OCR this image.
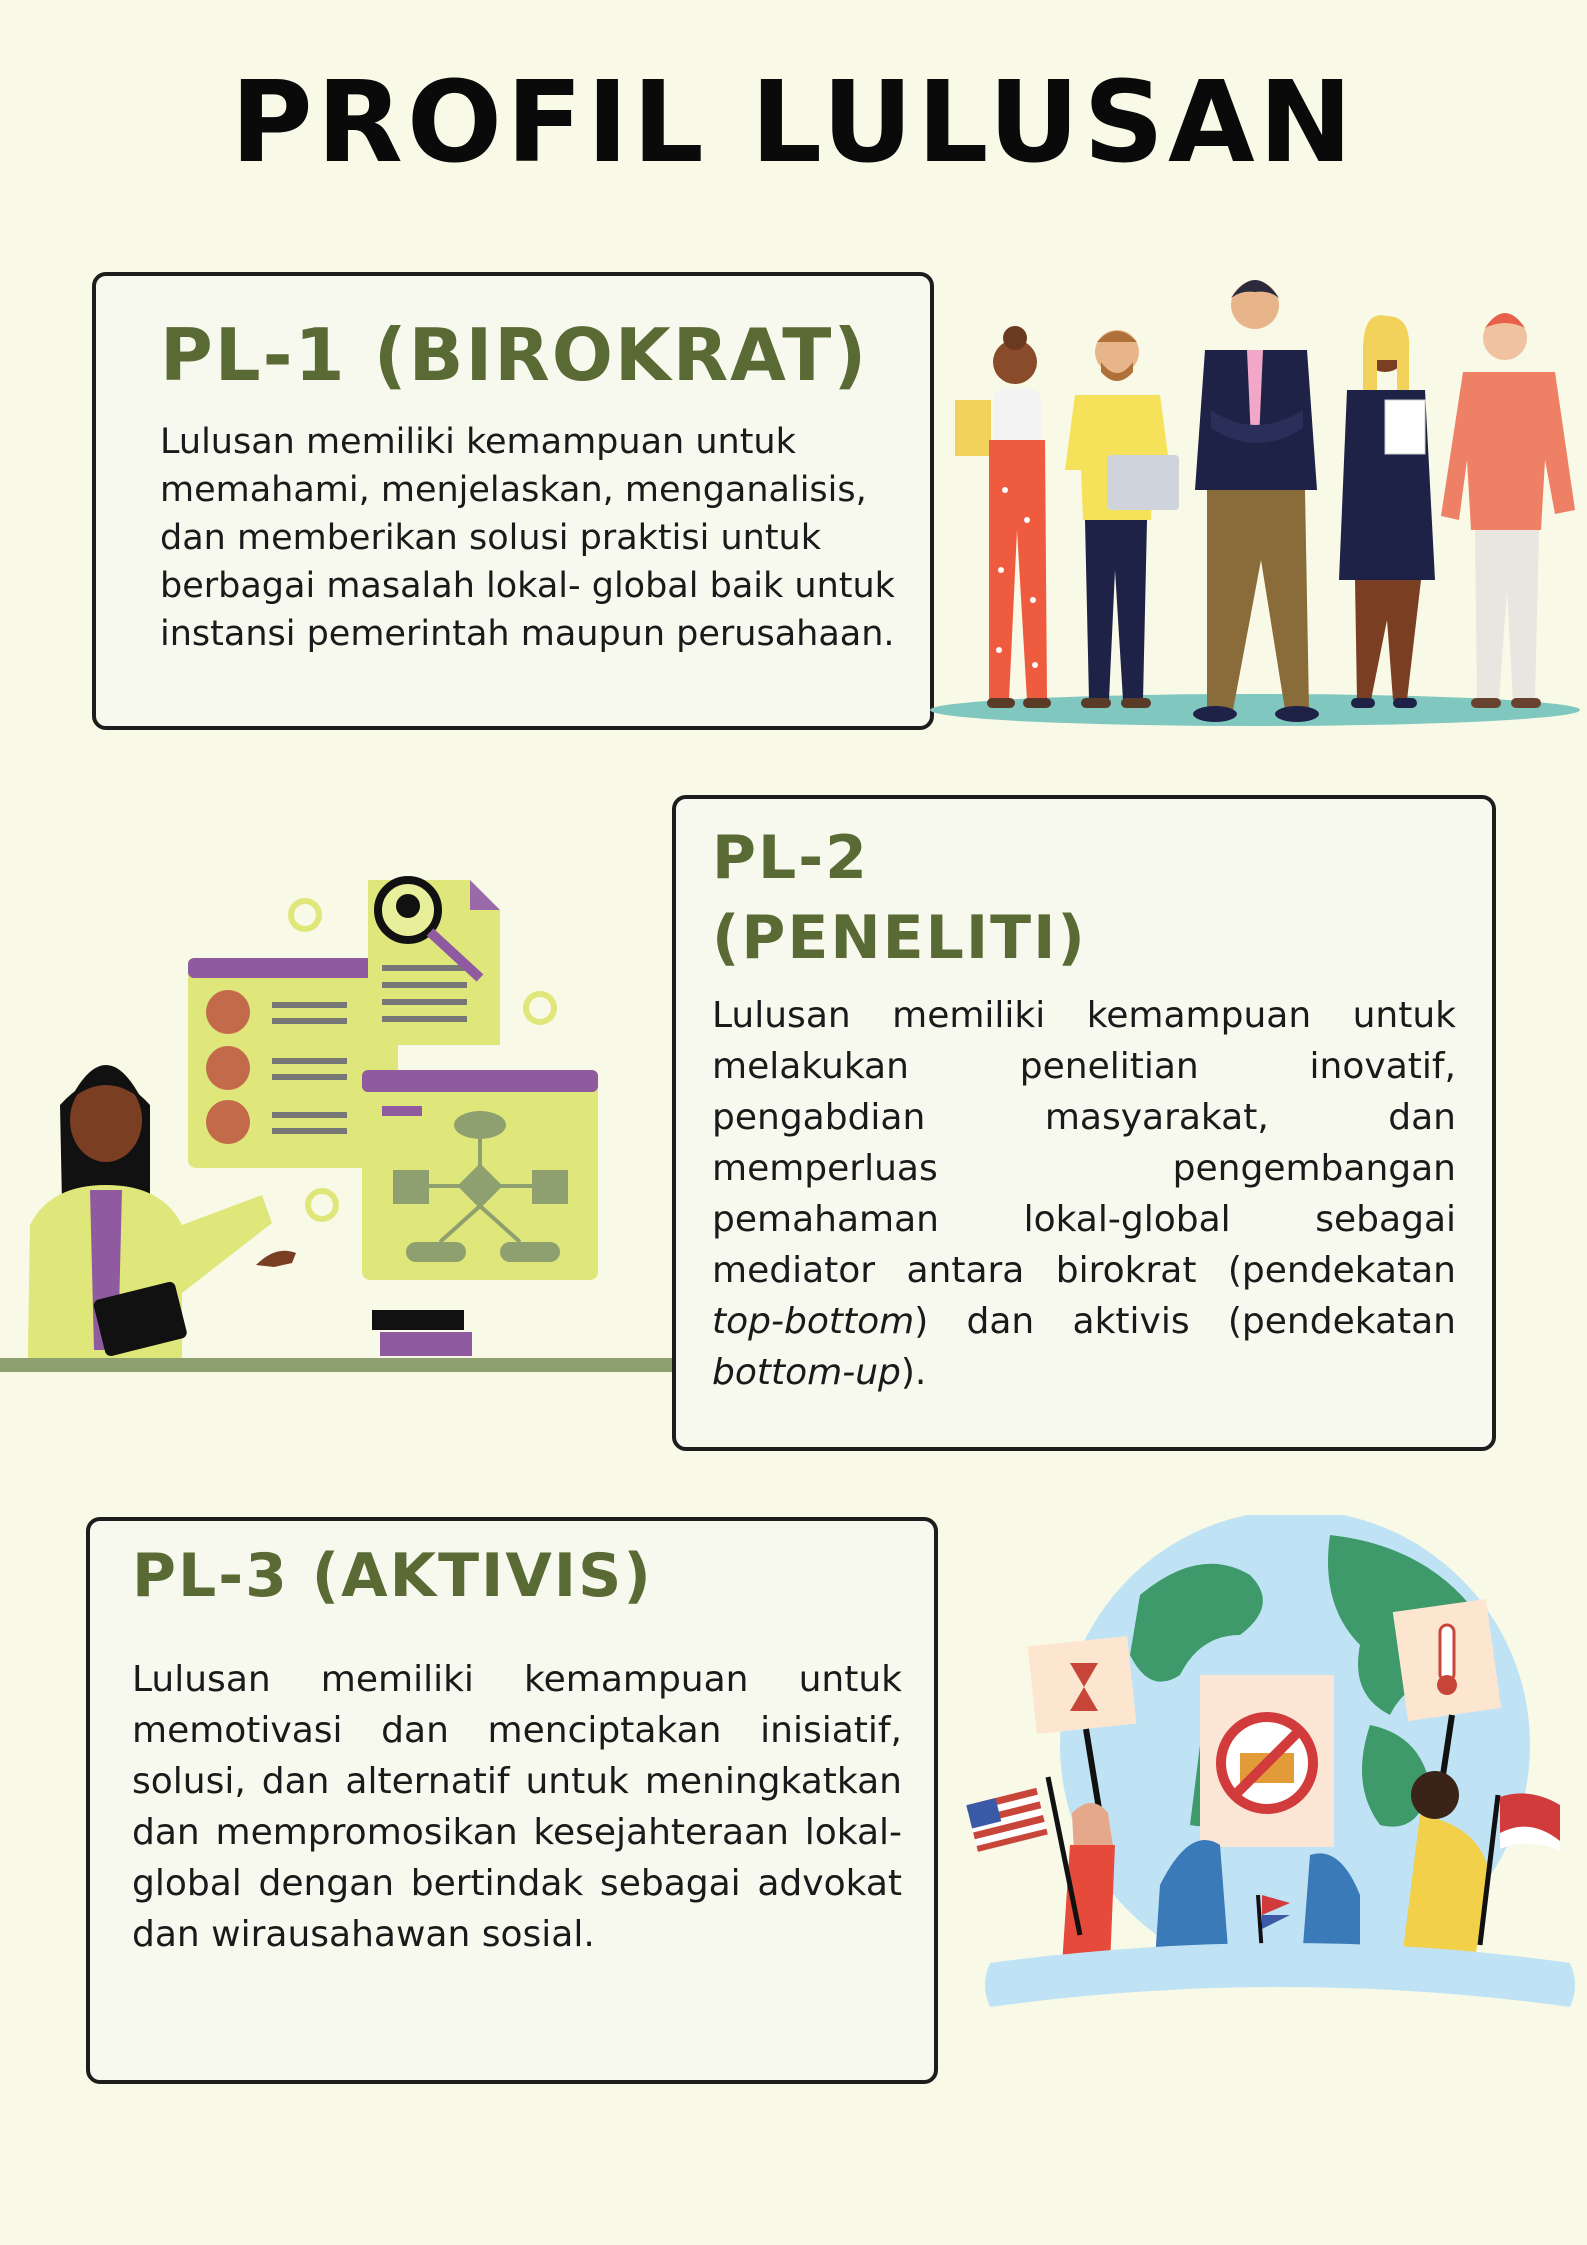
PROFIL LULUSAN
PL-1 (BIROKRAT)
Lulusan memiliki kemampuan untuk memahami, menjelaskan, menganalisis, dan memberikan solusi praktisi untuk berbagai masalah lokal- global baik untuk instansi pemerintah maupun perusahaan.
PL-2
(PENELITI)
Lulusan memiliki kemampuan untuk melakukan penelitian inovatif, pengabdian masyarakat, dan memperluas pengembangan pemahaman lokal-global sebagai mediator antara birokrat (pendekatan top-bottom) dan aktivis (pendekatan bottom-up).
PL-3 (AKTIVIS)
Lulusan memiliki kemampuan untuk memotivasi dan menciptakan inisiatif, solusi, dan alternatif untuk meningkatkan dan mempromosikan kesejahteraan lokal-global dengan bertindak sebagai advokat dan wirausahawan sosial.
